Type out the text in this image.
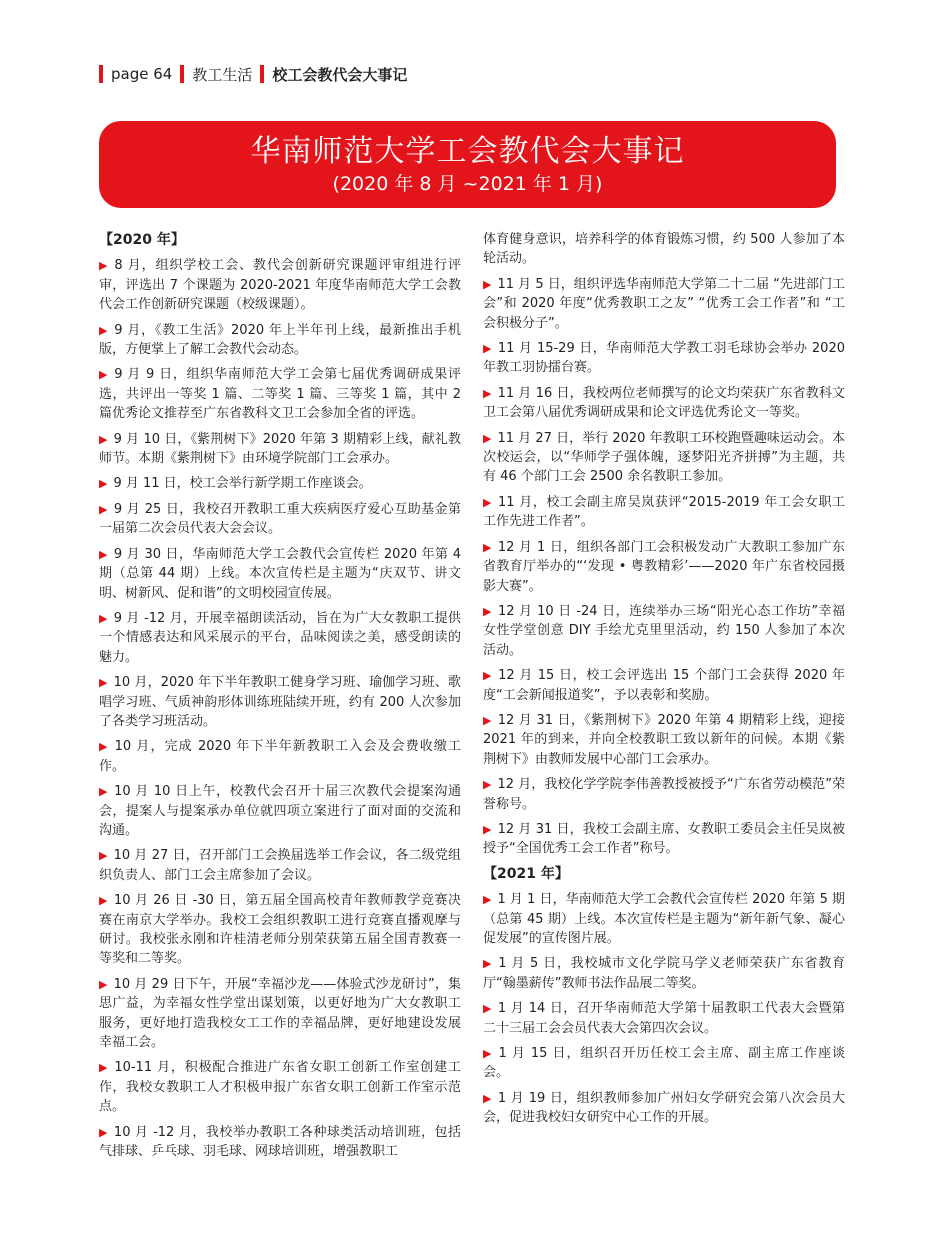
page 64 教工生活 校工会教代会大事记
华南师范大学工会教代会大事记
(2020 年 8 月 ~2021 年 1 月)
【2020 年】
▶ 8 月，组织学校工会、教代会创新研究课题评审组进行评审，评选出 7 个课题为 2020-2021 年度华南师范大学工会教代会工作创新研究课题（校级课题）。
▶ 9 月，《教工生活》2020 年上半年刊上线，最新推出手机版，方便掌上了解工会教代会动态。
▶ 9 月 9 日，组织华南师范大学工会第七届优秀调研成果评选，共评出一等奖 1 篇、二等奖 1 篇、三等奖 1 篇，其中 2 篇优秀论文推荐至广东省教科文卫工会参加全省的评选。
▶ 9 月 10 日，《紫荆树下》2020 年第 3 期精彩上线，献礼教师节。本期《紫荆树下》由环境学院部门工会承办。
▶ 9 月 11 日，校工会举行新学期工作座谈会。
▶ 9 月 25 日，我校召开教职工重大疾病医疗爱心互助基金第一届第二次会员代表大会会议。
▶ 9 月 30 日，华南师范大学工会教代会宣传栏 2020 年第 4 期（总第 44 期）上线。本次宣传栏是主题为“庆双节、讲文明、树新风、促和谐”的文明校园宣传展。
▶ 9 月 -12 月，开展幸福朗读活动，旨在为广大女教职工提供一个情感表达和风采展示的平台，品味阅读之美，感受朗读的魅力。
▶ 10 月，2020 年下半年教职工健身学习班、瑜伽学习班、歌唱学习班、气质神韵形体训练班陆续开班，约有 200 人次参加了各类学习班活动。
▶ 10 月，完成 2020 年下半年新教职工入会及会费收缴工作。
▶ 10 月 10 日上午，校教代会召开十届三次教代会提案沟通会，提案人与提案承办单位就四项立案进行了面对面的交流和沟通。
▶ 10 月 27 日，召开部门工会换届选举工作会议，各二级党组织负责人、部门工会主席参加了会议。
▶ 10 月 26 日 -30 日，第五届全国高校青年教师教学竞赛决赛在南京大学举办。我校工会组织教职工进行竞赛直播观摩与研讨。我校张永刚和许桂清老师分别荣获第五届全国青教赛一等奖和二等奖。
▶ 10 月 29 日下午，开展“幸福沙龙——体验式沙龙研讨”，集思广益，为幸福女性学堂出谋划策，以更好地为广大女教职工服务，更好地打造我校女工工作的幸福品牌，更好地建设发展幸福工会。
▶ 10-11 月，积极配合推进广东省女职工创新工作室创建工作，我校女教职工人才积极申报广东省女职工创新工作室示范点。
▶ 10 月 -12 月，我校举办教职工各种球类活动培训班，包括气排球、乒乓球、羽毛球、网球培训班，增强教职工
体育健身意识，培养科学的体育锻炼习惯，约 500 人参加了本轮活动。
▶ 11 月 5 日，组织评选华南师范大学第二十二届 “先进部门工会”和 2020 年度“优秀教职工之友” “优秀工会工作者”和 “工会积极分子”。
▶ 11 月 15-29 日，华南师范大学教工羽毛球协会举办 2020 年教工羽协擂台赛。
▶ 11 月 16 日，我校两位老师撰写的论文均荣获广东省教科文卫工会第八届优秀调研成果和论文评选优秀论文一等奖。
▶ 11 月 27 日，举行 2020 年教职工环校跑暨趣味运动会。本次校运会，以“华师学子强体魄，逐梦阳光齐拼搏”为主题，共有 46 个部门工会 2500 余名教职工参加。
▶ 11 月，校工会副主席吴岚获评“2015-2019 年工会女职工工作先进工作者”。
▶ 12 月 1 日，组织各部门工会积极发动广大教职工参加广东省教育厅举办的“‘发现 • 粤教精彩’——2020 年广东省校园摄影大赛”。
▶ 12 月 10 日 -24 日，连续举办三场“阳光心态工作坊”幸福女性学堂创意 DIY 手绘尤克里里活动，约 150 人参加了本次活动。
▶ 12 月 15 日，校工会评选出 15 个部门工会获得 2020 年度“工会新闻报道奖”，予以表彰和奖励。
▶ 12 月 31 日，《紫荆树下》2020 年第 4 期精彩上线，迎接 2021 年的到来，并向全校教职工致以新年的问候。本期《紫荆树下》由教师发展中心部门工会承办。
▶ 12 月，我校化学学院李伟善教授被授予“广东省劳动模范”荣誉称号。
▶ 12 月 31 日，我校工会副主席、女教职工委员会主任吴岚被授予“全国优秀工会工作者”称号。
【2021 年】
▶ 1 月 1 日，华南师范大学工会教代会宣传栏 2020 年第 5 期（总第 45 期）上线。本次宣传栏是主题为“新年新气象、凝心促发展”的宣传图片展。
▶ 1 月 5 日，我校城市文化学院马学义老师荣获广东省教育厅“翰墨薪传”教师书法作品展二等奖。
▶ 1 月 14 日，召开华南师范大学第十届教职工代表大会暨第二十三届工会会员代表大会第四次会议。
▶ 1 月 15 日，组织召开历任校工会主席、副主席工作座谈会。
▶ 1 月 19 日，组织教师参加广州妇女学研究会第八次会员大会，促进我校妇女研究中心工作的开展。
